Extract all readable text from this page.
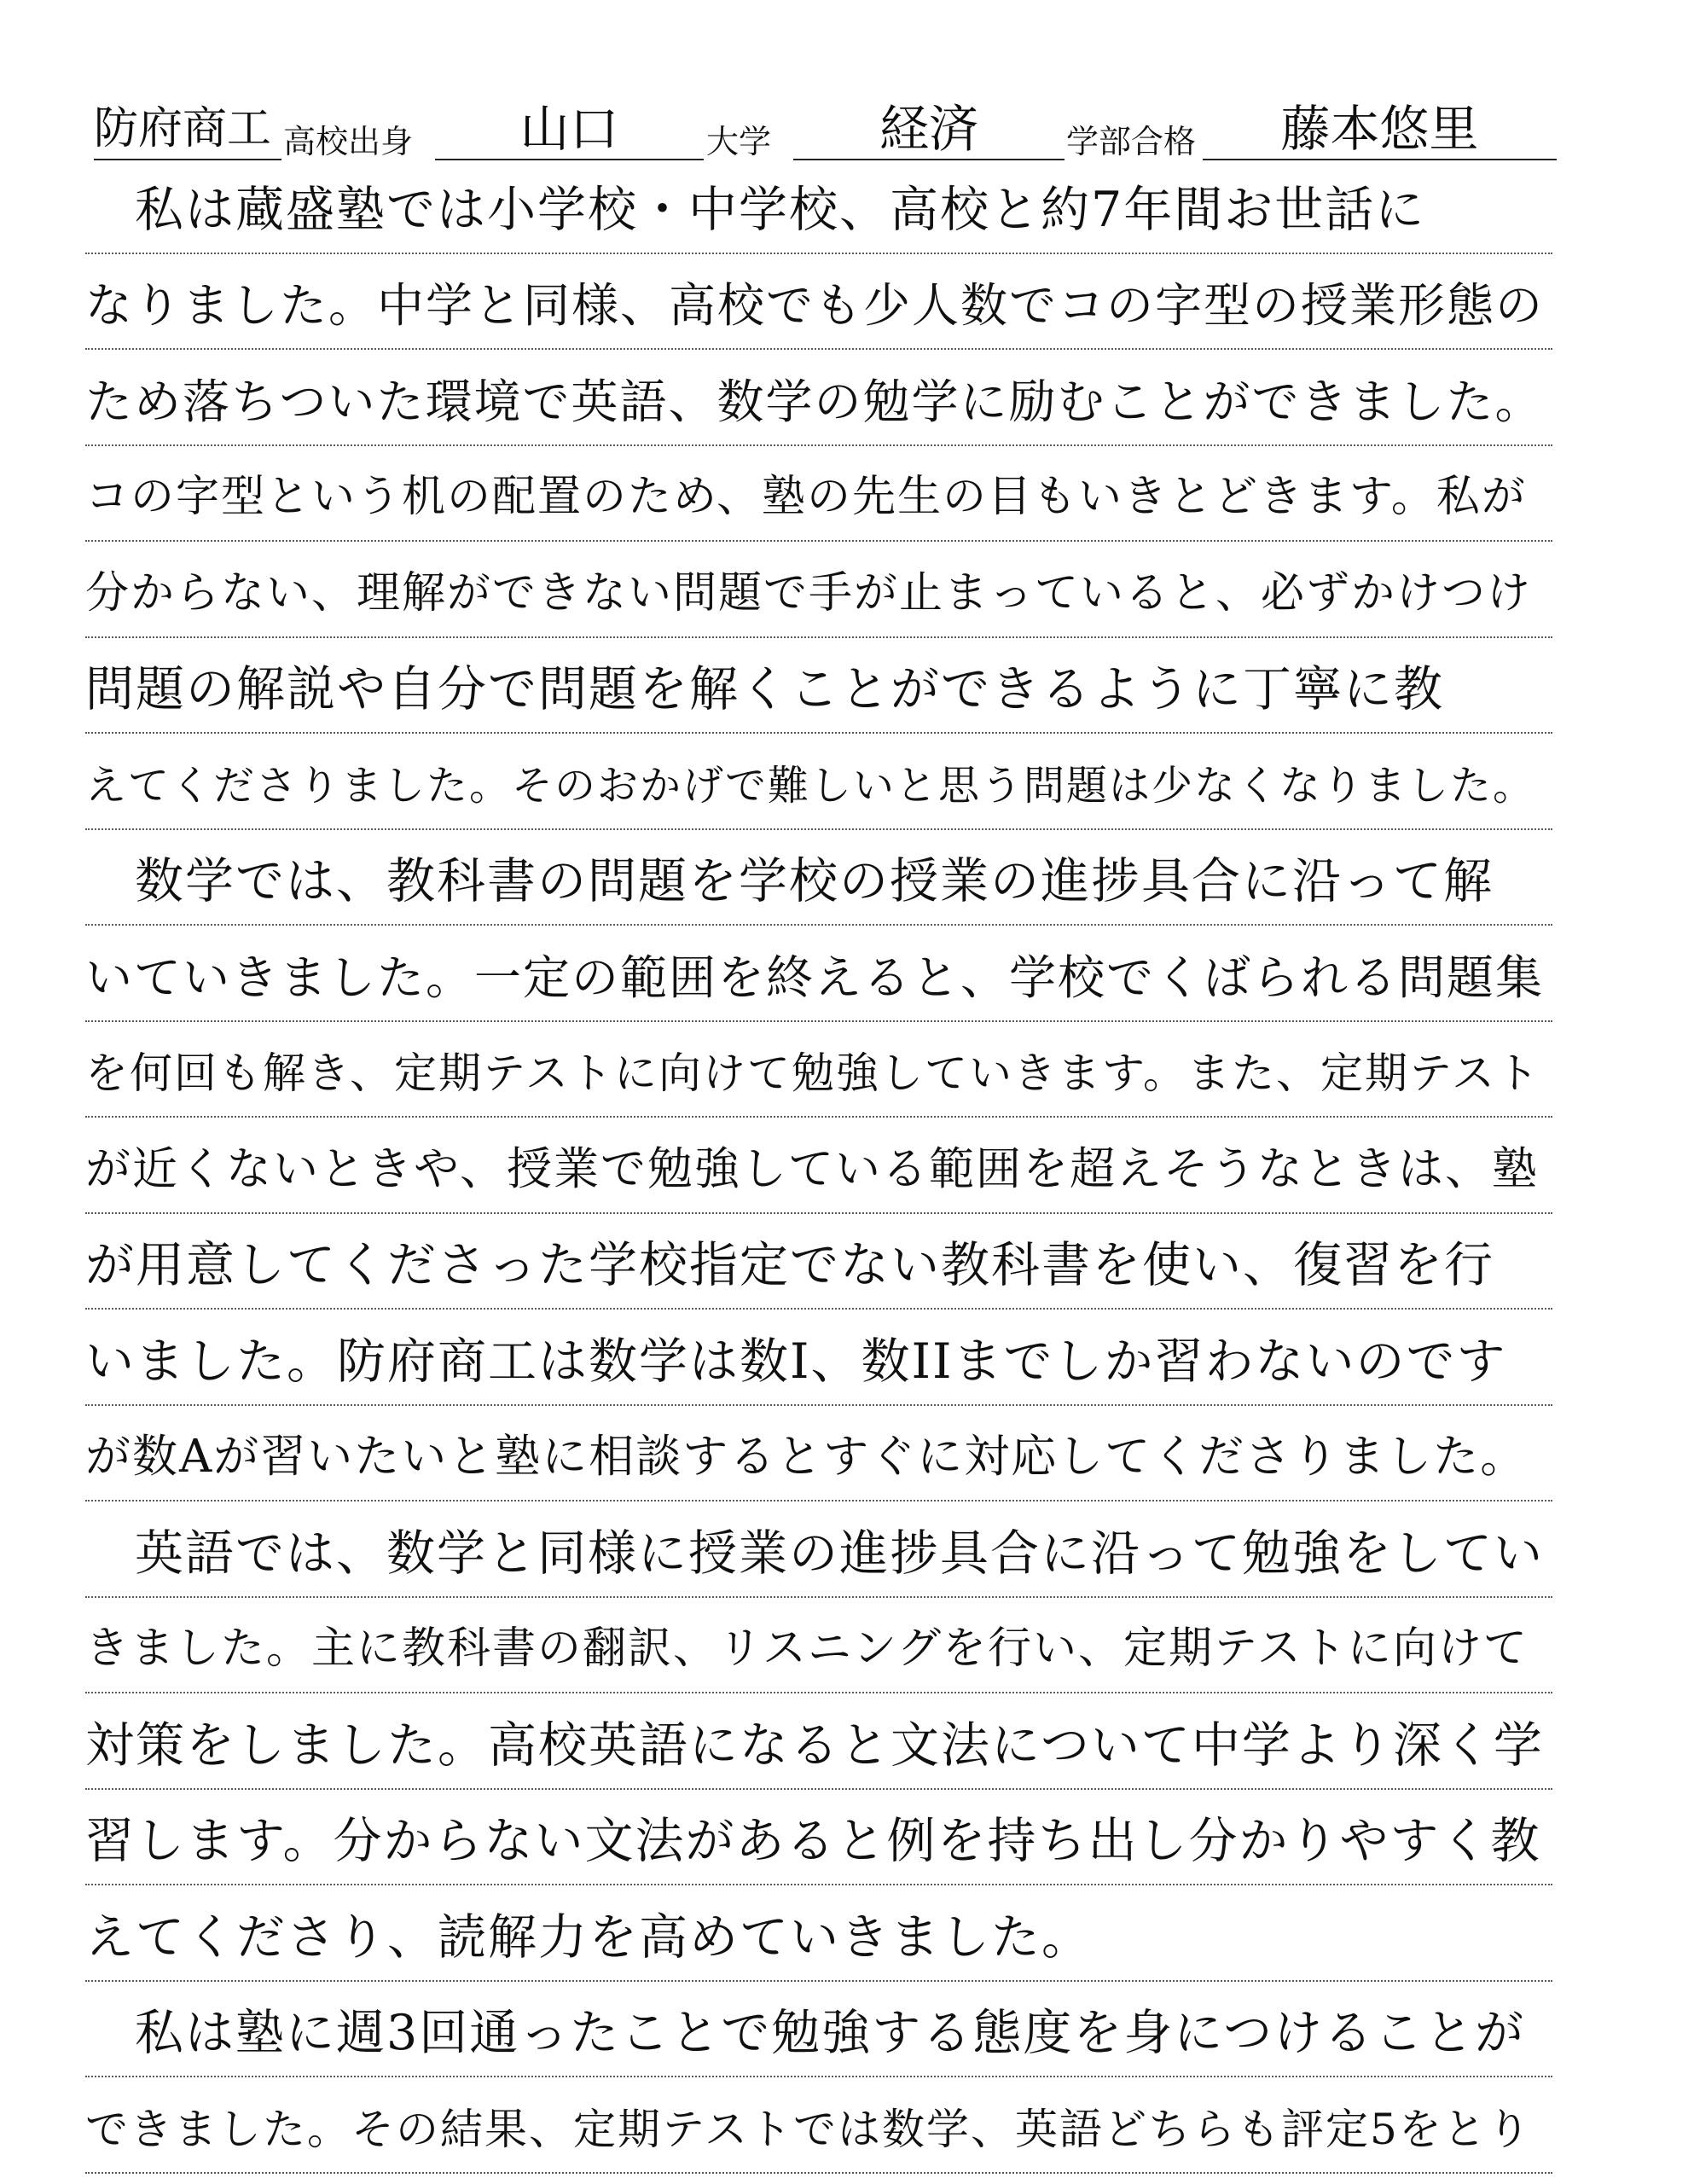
防府商工 高校出身	山口	大学	経済	学部合格	藤本悠里
私は蔵盛塾では小学校・中学校、高校と約7年間お世話に
なりました。中学と同様、高校でも少人数でコの字型の授業形態の
ため落ちついた環境で英語、数学の勉学に励むことができました。
コの字型という机の配置のため、塾の先生の目もいきとどきます。私が
分からない、理解ができない問題で手が止まっていると、必ずかけつけ
問題の解説や自分で問題を解くことができるように丁寧に教
えてくださりました。そのおかげで難しいと思う問題は少なくなりました。
数学では、教科書の問題を学校の授業の進捗具合に沿って解
いていきました。一定の範囲を終えると、学校でくばられる問題集
を何回も解き、定期テストに向けて勉強していきます。また、定期テスト
が近くないときや、授業で勉強している範囲を超えそうなときは、塾
が用意してくださった学校指定でない教科書を使い、復習を行
いました。防府商工は数学は数I、数IIまでしか習わないのです
が数Aが習いたいと塾に相談するとすぐに対応してくださりました。
英語では、数学と同様に授業の進捗具合に沿って勉強をしてい
きました。主に教科書の翻訳、リスニングを行い、定期テストに向けて
対策をしました。高校英語になると文法について中学より深く学
習します。分からない文法があると例を持ち出し分かりやすく教
えてくださり、読解力を高めていきました。
私は塾に週3回通ったことで勉強する態度を身につけることが
できました。その結果、定期テストでは数学、英語どちらも評定5をとり
